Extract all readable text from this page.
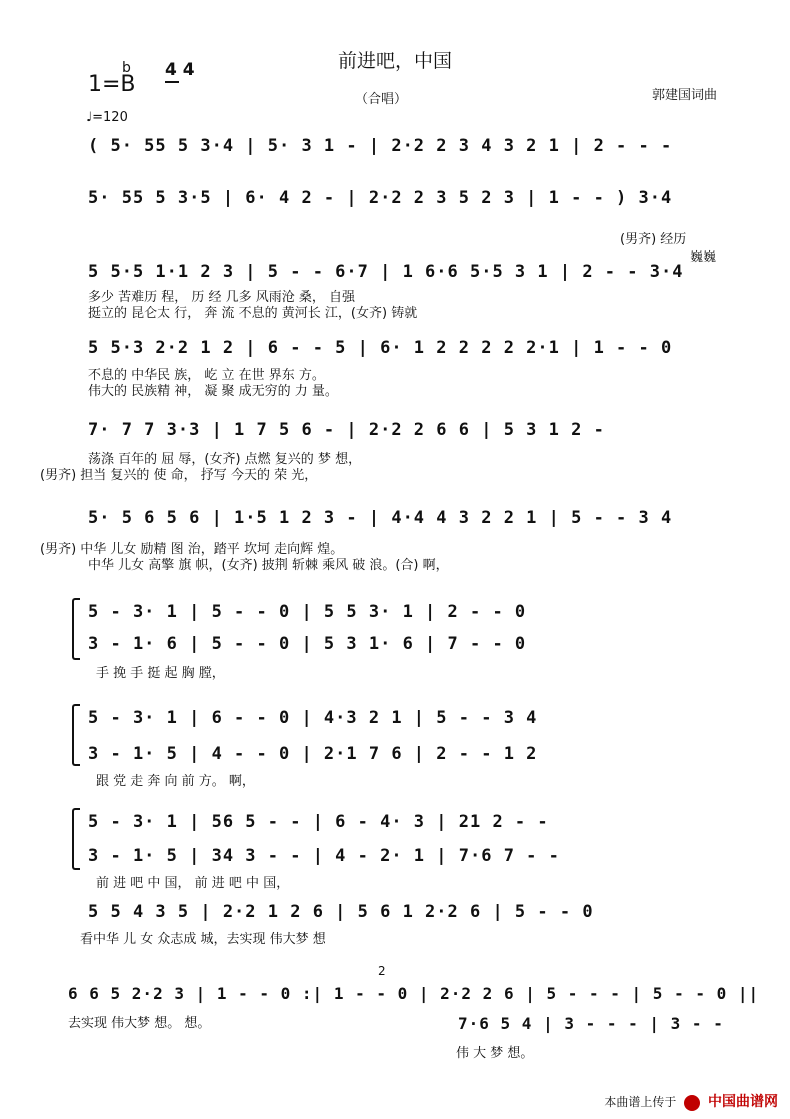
前进吧，中国
（合唱）	郭建国词曲
1=B
b 4 4
♩=120
( 5· 55 5 3·4 | 5· 3 1 - | 2·2 2 3 4 3 2 1 | 2 - - -
5· 55 5 3·5 | 6· 4 2 - | 2·2 2 3 5 2 3 | 1 - - ) 3·4
(男齐) 经历
巍巍
5 5·5 1·1 2 3 | 5 - - 6·7 | 1 6·6 5·5 3 1 | 2 - - 3·4
多少 苦难历 程， 历 经 几多 风雨沧 桑， 自强
挺立的 昆仑太 行， 奔 流 不息的 黄河长 江，(女齐) 铸就
5 5·3 2·2 1 2 | 6 - - 5 | 6· 1 2 2 2 2 2·1 | 1 - - 0
不息的 中华民 族， 屹 立 在世 界东 方。
伟大的 民族精 神， 凝 聚 成无穷的 力 量。
7· 7 7 3·3 | 1 7 5 6 - | 2·2 2 6 6 | 5 3 1 2 -
荡涤 百年的 屈 辱，(女齐) 点燃 复兴的 梦 想，
(男齐) 担当 复兴的 使 命， 抒写 今天的 荣 光，
5· 5 6 5 6 | 1·5 1 2 3 - | 4·4 4 3 2 2 1 | 5 - - 3 4
(男齐) 中华 儿女 励精 图 治，踏平 坎坷 走向辉 煌。
中华 儿女 高擎 旗 帜，(女齐) 披荆 斩棘 乘风 破 浪。(合) 啊，
5 - 3· 1 | 5 - - 0 | 5 5 3· 1 | 2 - - 0
3 - 1· 6 | 5 - - 0 | 5 3 1· 6 | 7 - - 0
手 挽 手 挺 起 胸 膛，
5 - 3· 1 | 6 - - 0 | 4·3 2 1 | 5 - - 3 4
3 - 1· 5 | 4 - - 0 | 2·1 7 6 | 2 - - 1 2
跟 党 走 奔 向 前 方。 啊，
5 - 3· 1 | 56 5 - - | 6 - 4· 3 | 21 2 - -
3 - 1· 5 | 34 3 - - | 4 - 2· 1 | 7·6 7 - -
前 进 吧 中 国， 前 进 吧 中 国，
5 5 4 3 5 | 2·2 1 2 6 | 5 6 1 2·2 6 | 5 - - 0
看中华 儿 女 众志成 城，去实现 伟大梦 想
2
6 6 5 2·2 3 | 1 - - 0 :| 1 - - 0 | 2·2 2 6 | 5 - - - | 5 - - 0 ||
7·6 5 4 | 3 - - - | 3 - -
去实现 伟大梦 想。 想。
伟 大 梦 想。
本曲谱上传于 中国曲谱网
